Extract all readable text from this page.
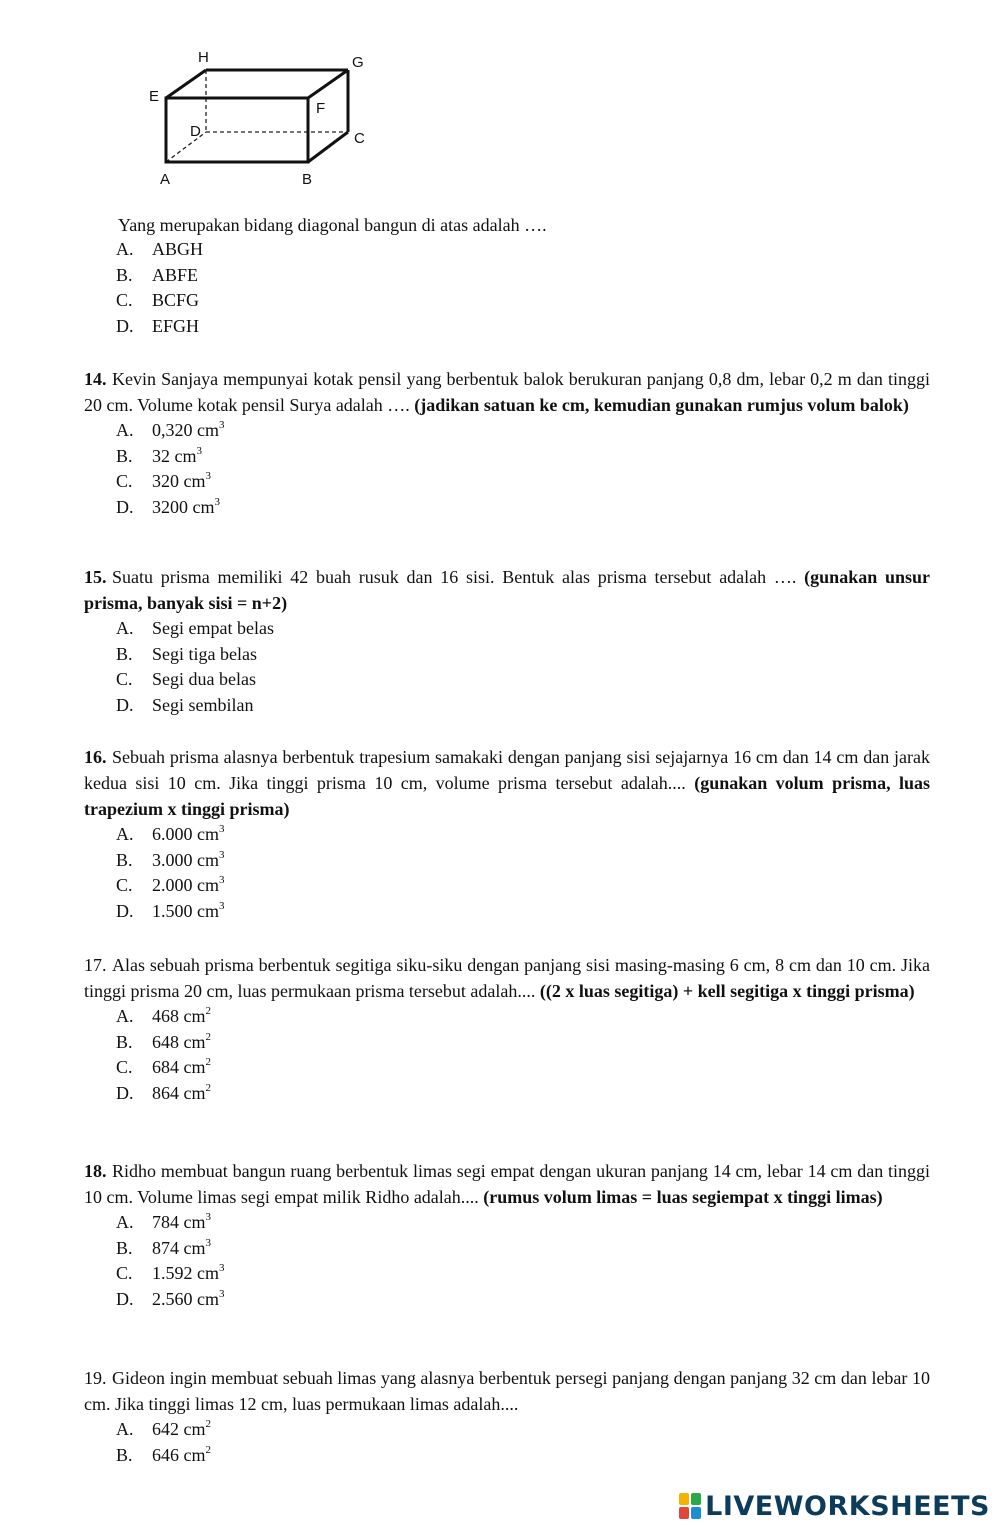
H	G
E
F
D	C
A	B
Yang merupakan bidang diagonal bangun di atas adalah ….
A. ABGH
B. ABFE
C. BCFG
D. EFGH
14. Kevin Sanjaya mempunyai kotak pensil yang berbentuk balok berukuran panjang 0,8 dm, lebar 0,2 m dan tinggi 20 cm. Volume kotak pensil Surya adalah …. (jadikan satuan ke cm, kemudian gunakan rumjus volum balok)
A. 0,320 $cm^3$
B. 32 $cm^3$
C. 320 $cm^3$
D. 3200 $cm^3$
15. Suatu prisma memiliki 42 buah rusuk dan 16 sisi. Bentuk alas prisma tersebut adalah …. (gunakan unsur prisma, banyak sisi = n+2)
A. Segi empat belas
B. Segi tiga belas
C. Segi dua belas
D. Segi sembilan
16. Sebuah prisma alasnya berbentuk trapesium samakaki dengan panjang sisi sejajarnya 16 cm dan 14 cm dan jarak kedua sisi 10 cm. Jika tinggi prisma 10 cm, volume prisma tersebut adalah.... (gunakan volum prisma, luas trapezium x tinggi prisma)
A. 6.000 $cm^3$
B. 3.000 $cm^3$
C. 2.000 $cm^3$
D. 1.500 $cm^3$
17. Alas sebuah prisma berbentuk segitiga siku-siku dengan panjang sisi masing-masing 6 cm, 8 cm dan 10 cm. Jika tinggi prisma 20 cm, luas permukaan prisma tersebut adalah.... ((2 x luas segitiga) + kell segitiga x tinggi prisma)
A. 468 $cm^2$
B. 648 $cm^2$
C. 684 $cm^2$
D. 864 $cm^2$
18. Ridho membuat bangun ruang berbentuk limas segi empat dengan ukuran panjang 14 cm, lebar 14 cm dan tinggi 10 cm. Volume limas segi empat milik Ridho adalah.... (rumus volum limas = luas segiempat x tinggi limas)
A. 784 $cm^3$
B. 874 $cm^3$
C. 1.592 $cm^3$
D. 2.560 $cm^3$
19. Gideon ingin membuat sebuah limas yang alasnya berbentuk persegi panjang dengan panjang 32 cm dan lebar 10 cm. Jika tinggi limas 12 cm, luas permukaan limas adalah....
A. 642 $cm^2$
B. 646 $cm^2$
LIVEWORKSHEETS
